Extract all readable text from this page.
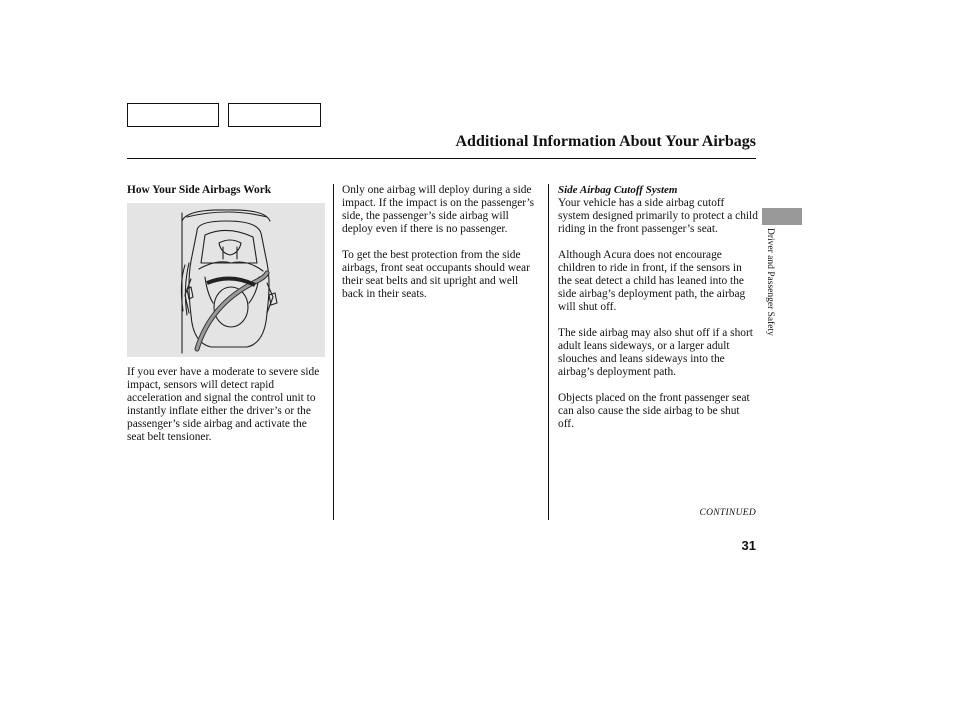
Additional Information About Your Airbags
How Your Side Airbags Work

If you ever have a moderate to severe side impact, sensors will detect rapid acceleration and signal the control unit to instantly inflate either the driver’s or the passenger’s side airbag and activate the seat belt tensioner.

Only one airbag will deploy during a side impact. If the impact is on the passenger’s side, the passenger’s side airbag will deploy even if there is no passenger.

To get the best protection from the side airbags, front seat occupants should wear their seat belts and sit upright and well back in their seats.

Side Airbag Cutoff System

Your vehicle has a side airbag cutoff system designed primarily to protect a child riding in the front passenger’s seat.

Although Acura does not encourage children to ride in front, if the sensors in the seat detect a child has leaned into the side airbag’s deployment path, the airbag will shut off.

The side airbag may also shut off if a short adult leans sideways, or a larger adult slouches and leans sideways into the airbag’s deployment path.

Objects placed on the front passenger seat can also cause the side airbag to be shut off.

CONTINUED
31
Driver and Passenger Safety
